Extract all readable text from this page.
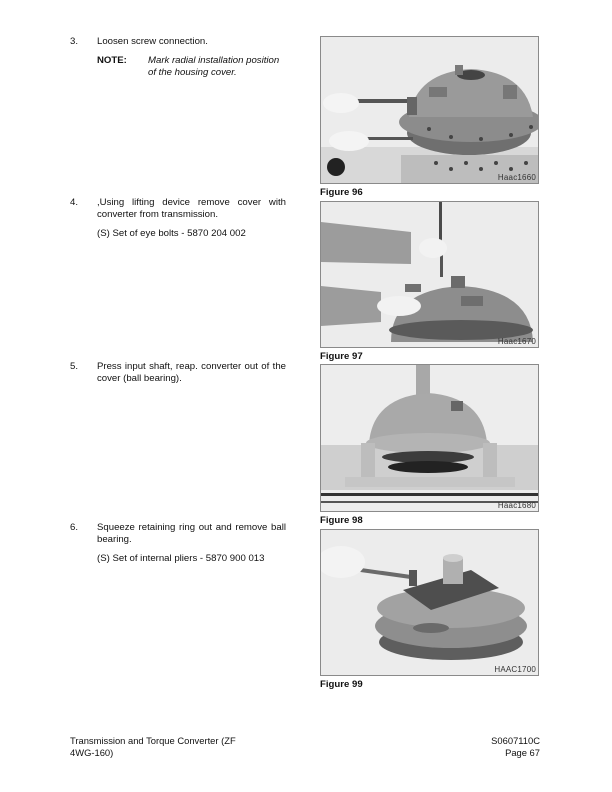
3.	Loosen screw connection.
NOTE: Mark radial installation position of the housing cover.
4.	,Using lifting device remove cover with converter from transmission.
(S) Set of eye bolts - 5870 204 002
5.	Press input shaft, reap. converter out of the cover (ball bearing).
6.	Squeeze retaining ring out and remove ball bearing.
(S) Set of internal pliers - 5870 900 013
Haac1660
Figure 96
Haac1670
Figure 97
Haac1680
Figure 98
HAAC1700
Figure 99
Transmission and Torque Converter (ZF
4WG-160)
S0607110C
Page 67
